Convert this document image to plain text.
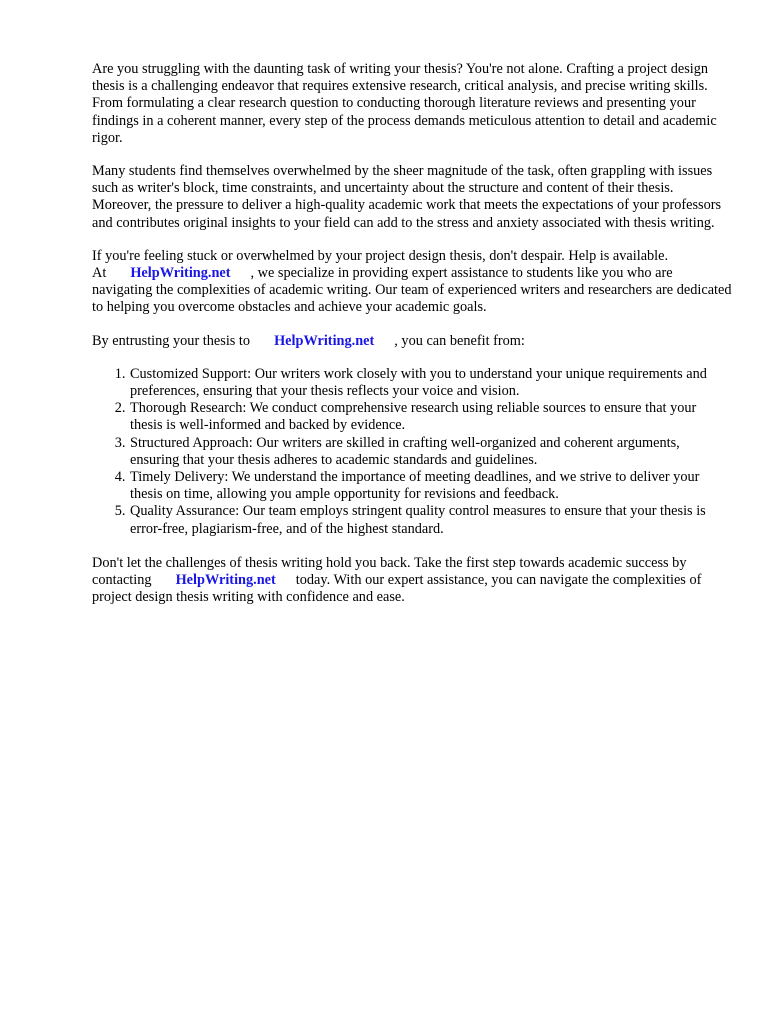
Are you struggling with the daunting task of writing your thesis? You're not alone. Crafting a project design thesis is a challenging endeavor that requires extensive research, critical analysis, and precise writing skills. From formulating a clear research question to conducting thorough literature reviews and presenting your findings in a coherent manner, every step of the process demands meticulous attention to detail and academic rigor.

Many students find themselves overwhelmed by the sheer magnitude of the task, often grappling with issues such as writer's block, time constraints, and uncertainty about the structure and content of their thesis. Moreover, the pressure to deliver a high-quality academic work that meets the expectations of your professors and contributes original insights to your field can add to the stress and anxiety associated with thesis writing.

If you're feeling stuck or overwhelmed by your project design thesis, don't despair. Help is available.
At HelpWriting.net , we specialize in providing expert assistance to students like you who are navigating the complexities of academic writing. Our team of experienced writers and researchers are dedicated to helping you overcome obstacles and achieve your academic goals.

By entrusting your thesis to HelpWriting.net , you can benefit from:

1. Customized Support: Our writers work closely with you to understand your unique requirements and preferences, ensuring that your thesis reflects your voice and vision.
2. Thorough Research: We conduct comprehensive research using reliable sources to ensure that your thesis is well-informed and backed by evidence.
3. Structured Approach: Our writers are skilled in crafting well-organized and coherent arguments, ensuring that your thesis adheres to academic standards and guidelines.
4. Timely Delivery: We understand the importance of meeting deadlines, and we strive to deliver your thesis on time, allowing you ample opportunity for revisions and feedback.
5. Quality Assurance: Our team employs stringent quality control measures to ensure that your thesis is error-free, plagiarism-free, and of the highest standard.

Don't let the challenges of thesis writing hold you back. Take the first step towards academic success by contacting HelpWriting.net today. With our expert assistance, you can navigate the complexities of project design thesis writing with confidence and ease.
